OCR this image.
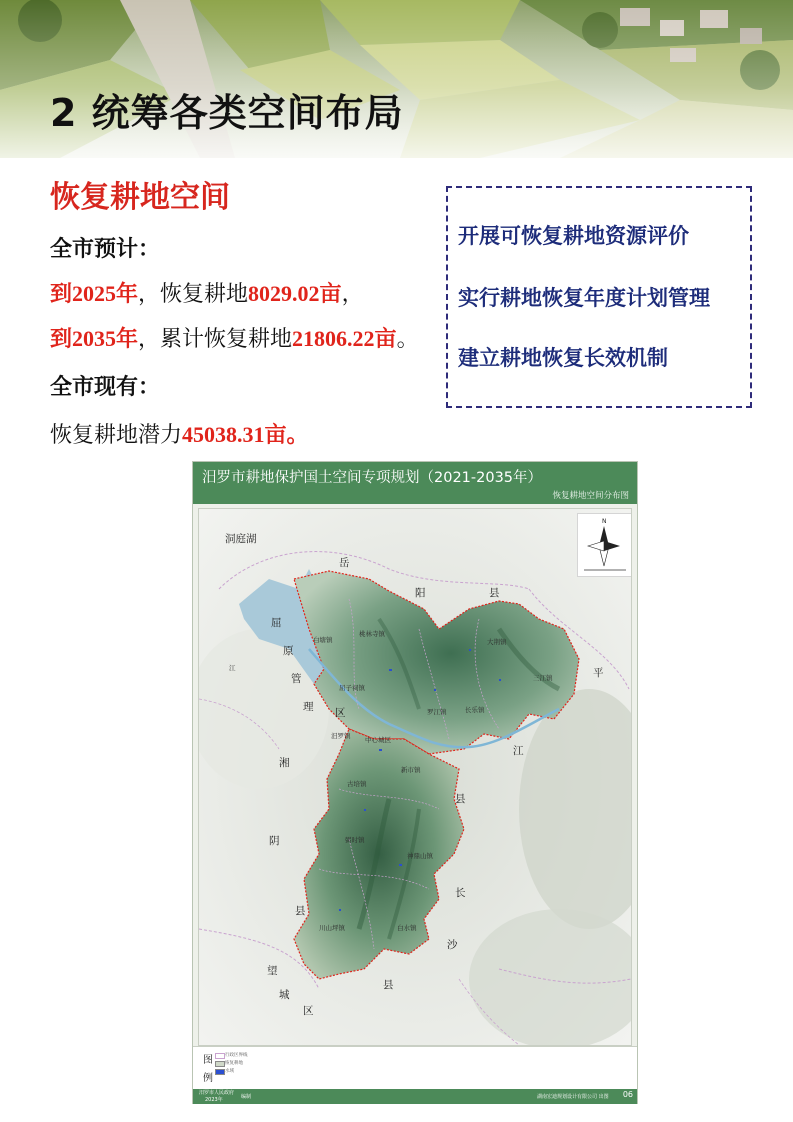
2 统筹各类空间布局
恢复耕地空间
全市预计：
到2025年，恢复耕地8029.02亩，
到2035年，累计恢复耕地21806.22亩。
全市现有：
恢复耕地潜力45038.31亩。
开展可恢复耕地资源评价
实行耕地恢复年度计划管理
建立耕地恢复长效机制
汨罗市耕地保护国土空间专项规划（2021-2035年）
恢复耕地空间分布图
洞庭湖
岳
阳	县
屈
原
管
理 区
平
江
县
湘
阴
县
长
沙
县
望
城
区
江
白塘镇
桃林寺镇
大荆镇
三江镇
屈子祠镇
罗江镇	长乐镇
汨罗镇 中心城区
新市镇
古培镇
弼时镇
神鼎山镇
川山坪镇	白水镇
N
图
例
行政区界线
恢复耕地
水域
汨罗市人民政府
2023年	编制	湖南宏迪规划设计有限公司 出图 06
